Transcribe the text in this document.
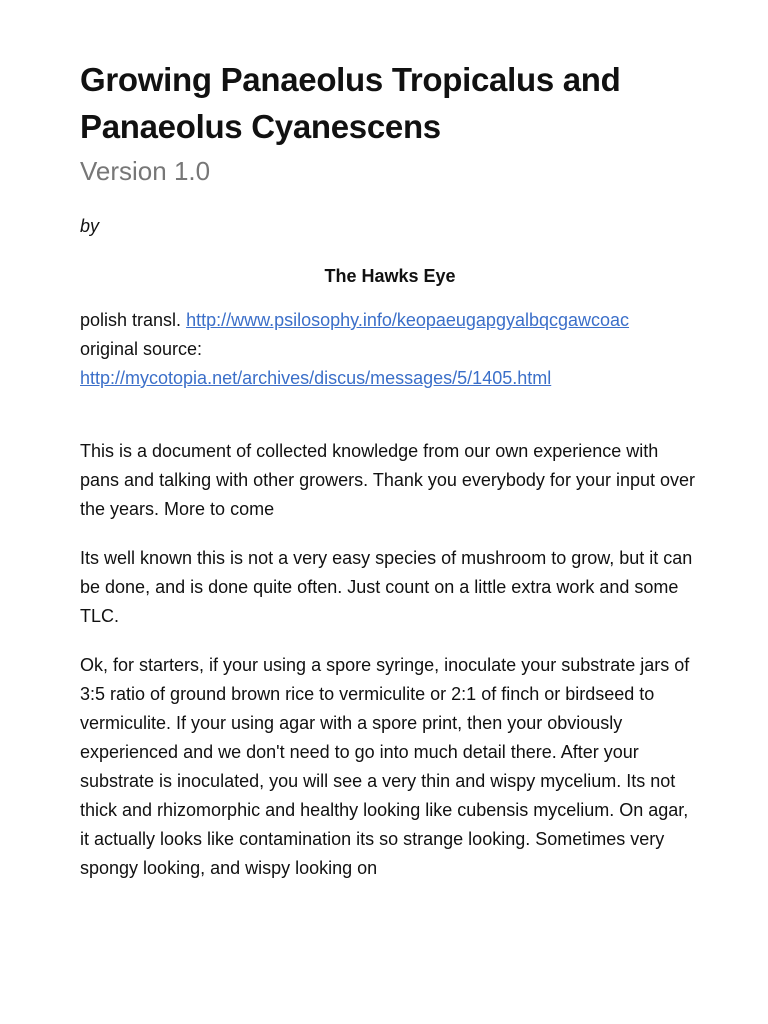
Growing Panaeolus Tropicalus and Panaeolus Cyanescens
Version 1.0
by
The Hawks Eye
polish transl. http://www.psilosophy.info/keopaeugapgyalbqcgawcoac
original source:
http://mycotopia.net/archives/discus/messages/5/1405.html

This is a document of collected knowledge from our own experience with pans and talking with other growers. Thank you everybody for your input over the years. More to come

Its well known this is not a very easy species of mushroom to grow, but it can be done, and is done quite often. Just count on a little extra work and some TLC.

Ok, for starters, if your using a spore syringe, inoculate your substrate jars of 3:5 ratio of ground brown rice to vermiculite or 2:1 of finch or birdseed to vermiculite. If your using agar with a spore print, then your obviously experienced and we don't need to go into much detail there. After your substrate is inoculated, you will see a very thin and wispy mycelium. Its not thick and rhizomorphic and healthy looking like cubensis mycelium. On agar, it actually looks like contamination its so strange looking. Sometimes very spongy looking, and wispy looking on
